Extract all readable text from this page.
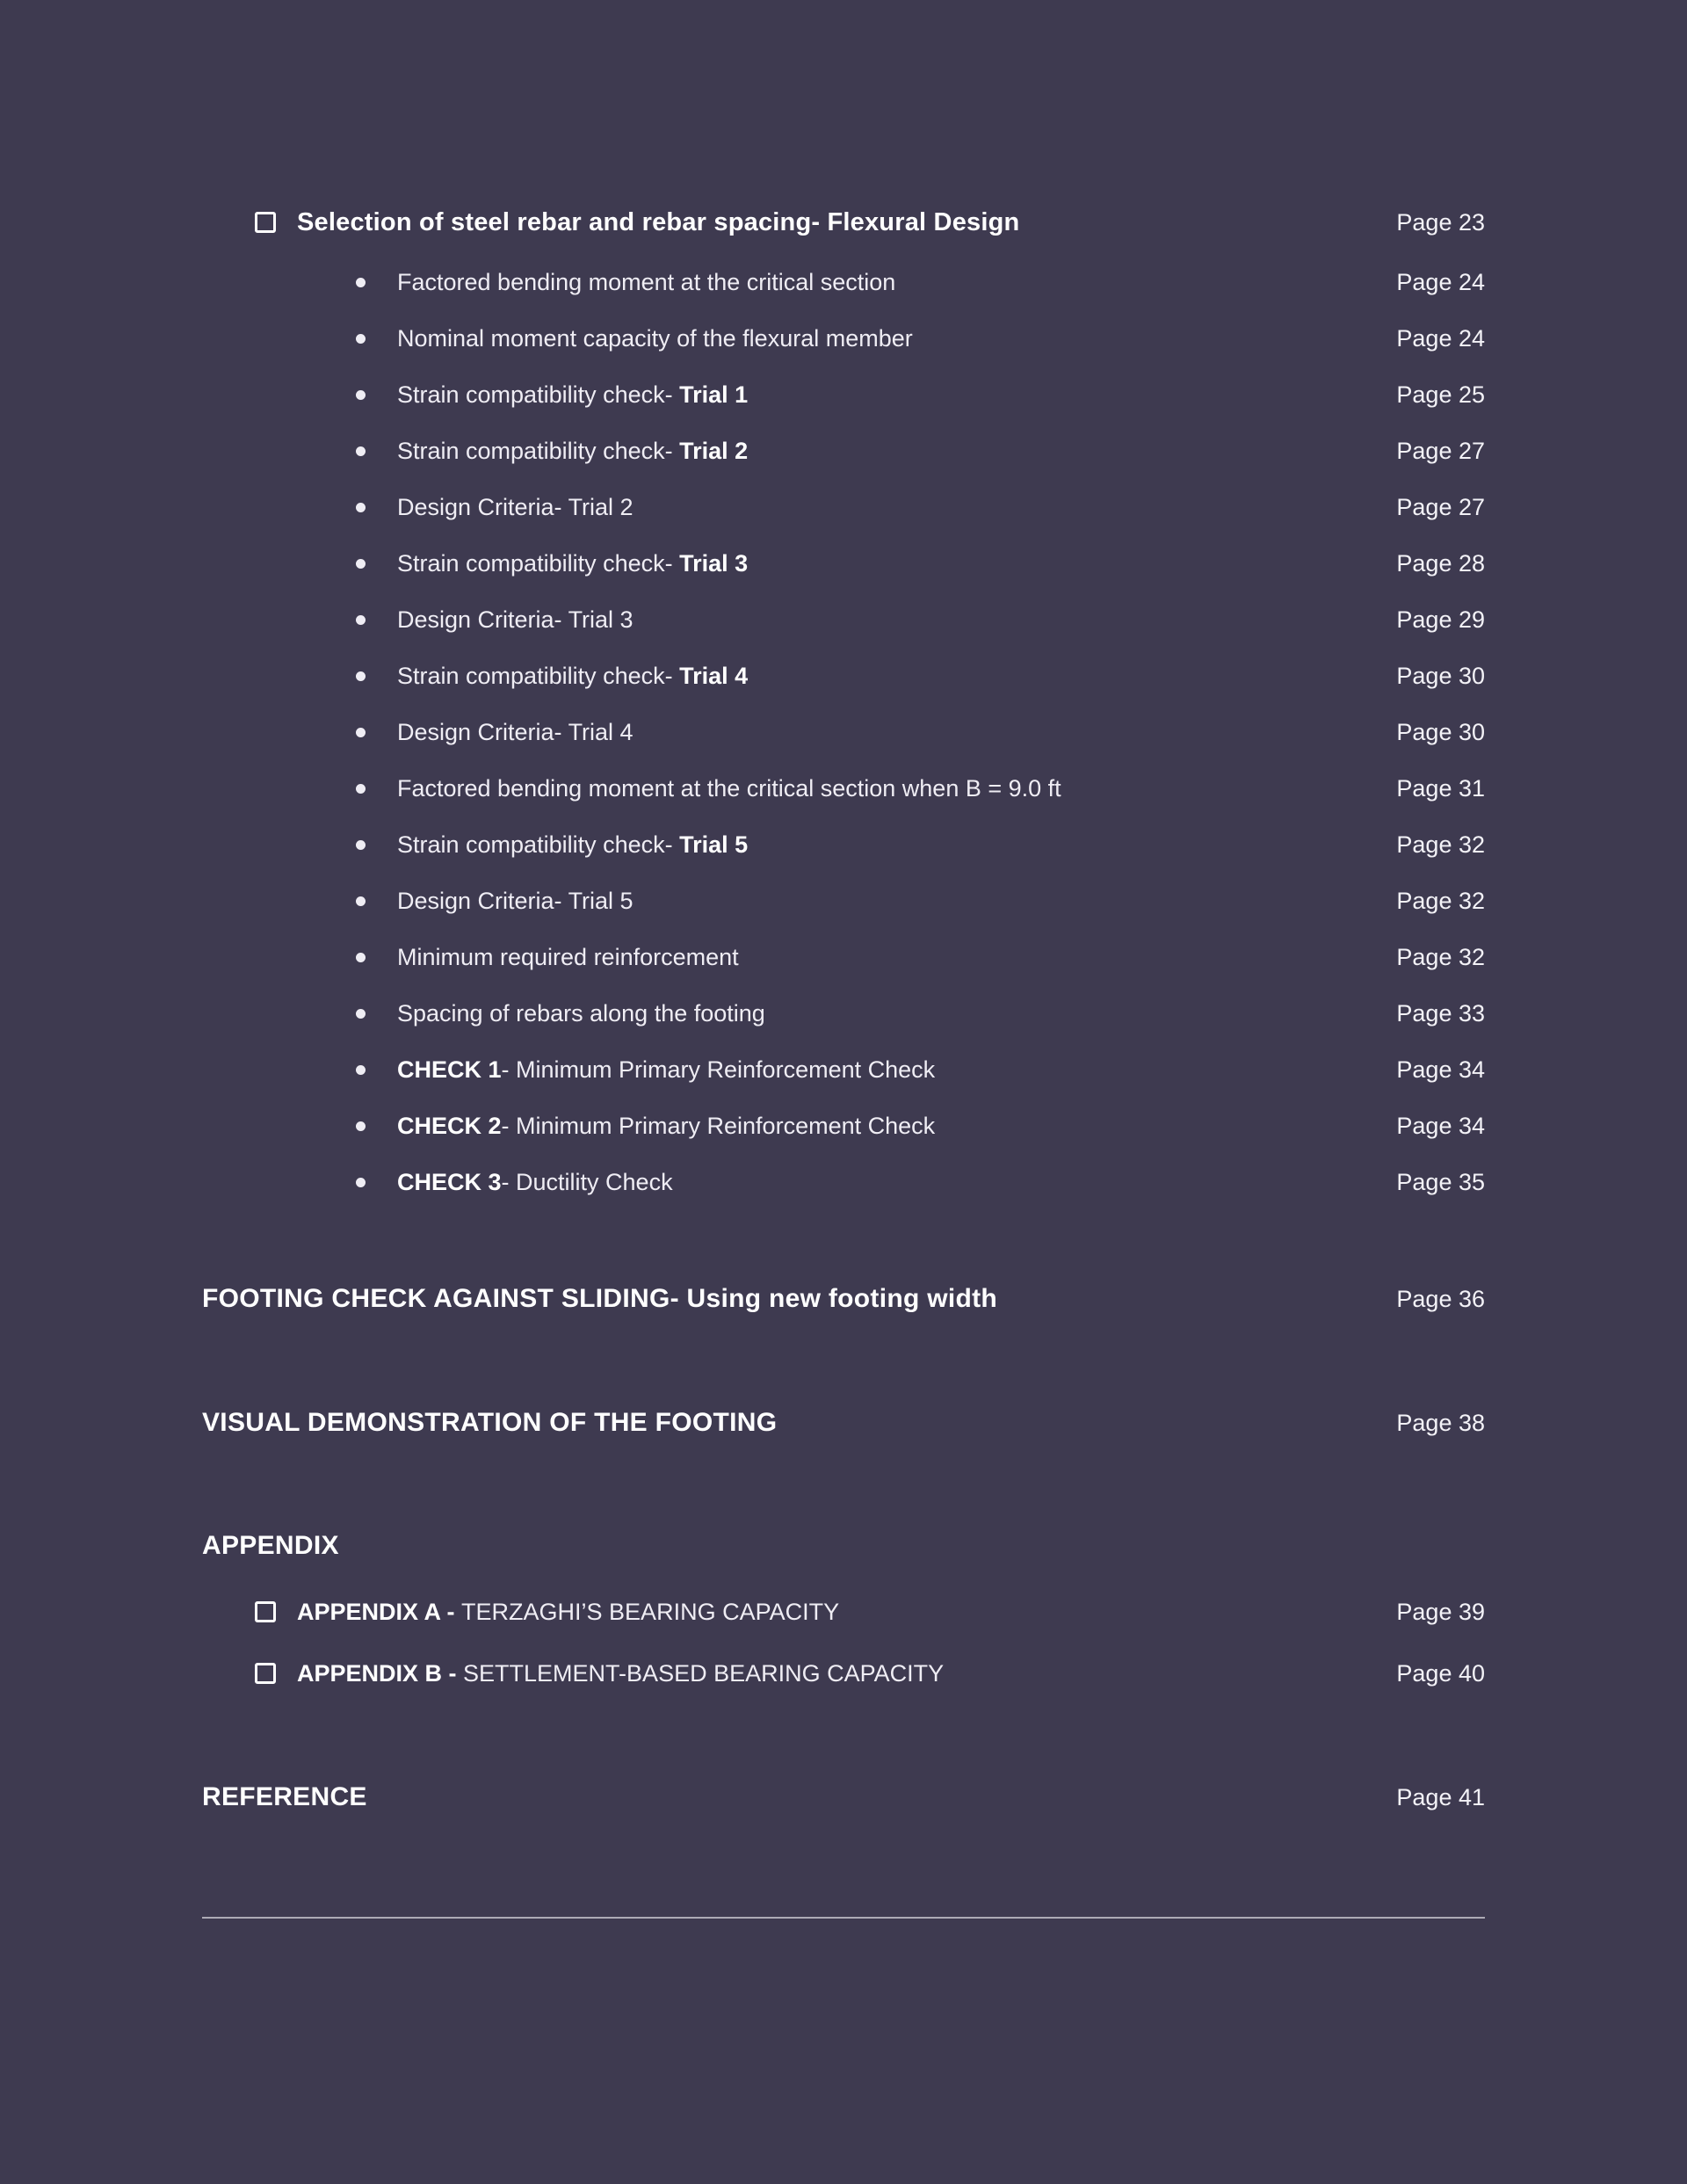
Selection of steel rebar and rebar spacing- Flexural Design	Page 23
Factored bending moment at the critical section	Page 24
Nominal moment capacity of the flexural member	Page 24
Strain compatibility check- Trial 1	Page 25
Strain compatibility check- Trial 2	Page 27
Design Criteria- Trial 2	Page 27
Strain compatibility check- Trial 3	Page 28
Design Criteria- Trial 3	Page 29
Strain compatibility check- Trial 4	Page 30
Design Criteria- Trial 4	Page 30
Factored bending moment at the critical section when B = 9.0 ft	Page 31
Strain compatibility check- Trial 5	Page 32
Design Criteria- Trial 5	Page 32
Minimum required reinforcement	Page 32
Spacing of rebars along the footing	Page 33
CHECK 1- Minimum Primary Reinforcement Check	Page 34
CHECK 2- Minimum Primary Reinforcement Check	Page 34
CHECK 3- Ductility Check	Page 35
FOOTING CHECK AGAINST SLIDING- Using new footing width	Page 36
VISUAL DEMONSTRATION OF THE FOOTING	Page 38
APPENDIX
APPENDIX A - TERZAGHI’S BEARING CAPACITY	Page 39
APPENDIX B - SETTLEMENT-BASED BEARING CAPACITY	Page 40
REFERENCE	Page 41
